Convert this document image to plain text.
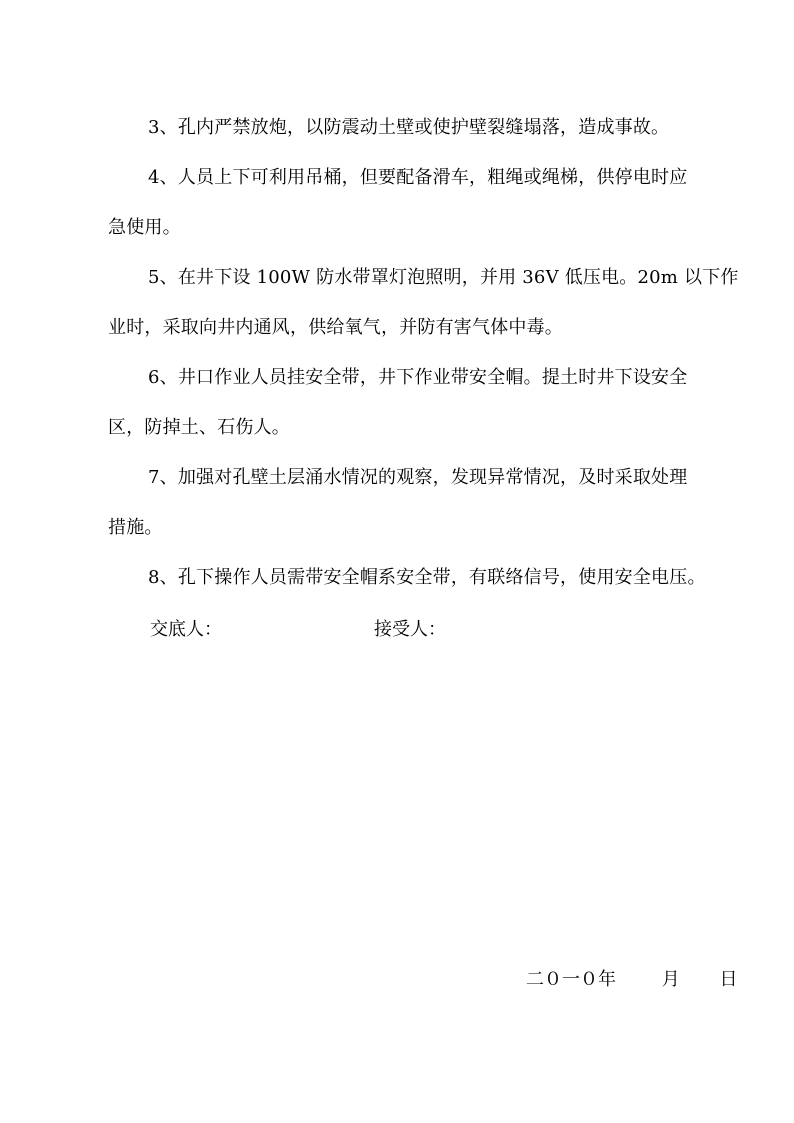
3、孔内严禁放炮，以防震动土壁或使护壁裂缝塌落，造成事故。
4、人员上下可利用吊桶，但要配备滑车，粗绳或绳梯，供停电时应
急使用。
5、在井下设 100W 防水带罩灯泡照明，并用 36V 低压电。20m 以下作
业时，采取向井内通风，供给氧气，并防有害气体中毒。
6、井口作业人员挂安全带，井下作业带安全帽。提土时井下设安全
区，防掉土、石伤人。
7、加强对孔壁土层涌水情况的观察，发现异常情况，及时采取处理
措施。
8、孔下操作人员需带安全帽系安全带，有联络信号，使用安全电压。
交底人：	接受人：
二０一０年	月 日
